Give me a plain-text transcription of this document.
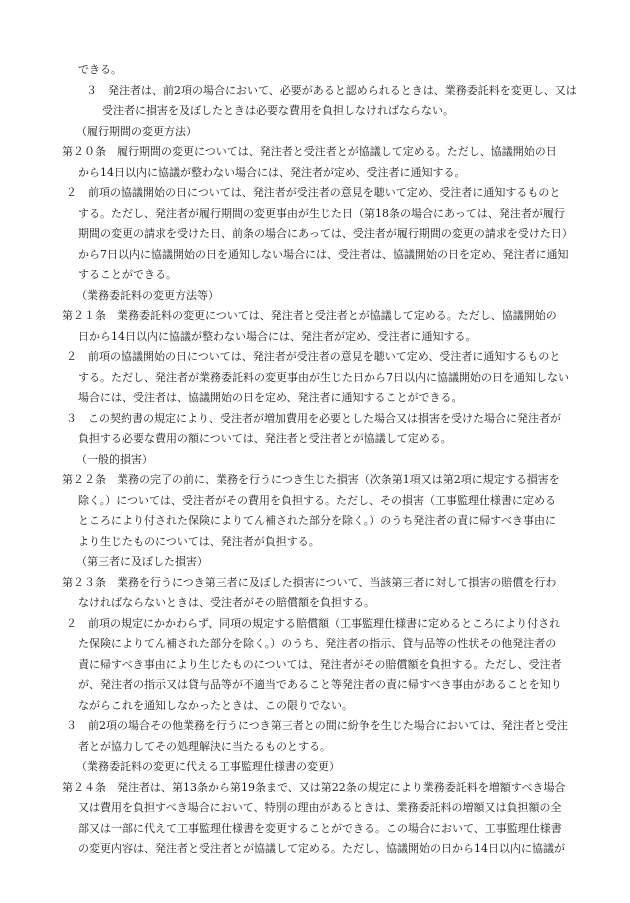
できる。
３　発注者は、前2項の場合において、必要があると認められるときは、業務委託料を変更し、又は
受注者に損害を及ぼしたときは必要な費用を負担しなければならない。
（履行期間の変更方法）
第２０条　履行期間の変更については、発注者と受注者とが協議して定める。ただし、協議開始の日
から14日以内に協議が整わない場合には、発注者が定め、受注者に通知する。
２　前項の協議開始の日については、発注者が受注者の意見を聴いて定め、受注者に通知するものと
する。ただし、発注者が履行期間の変更事由が生じた日（第18条の場合にあっては、発注者が履行
期間の変更の請求を受けた日、前条の場合にあっては、受注者が履行期間の変更の請求を受けた日）
から7日以内に協議開始の日を通知しない場合には、受注者は、協議開始の日を定め、発注者に通知
することができる。
（業務委託料の変更方法等）
第２１条　業務委託料の変更については、発注者と受注者とが協議して定める。ただし、協議開始の
日から14日以内に協議が整わない場合には、発注者が定め、受注者に通知する。
２　前項の協議開始の日については、発注者が受注者の意見を聴いて定め、受注者に通知するものと
する。ただし、発注者が業務委託料の変更事由が生じた日から7日以内に協議開始の日を通知しない
場合には、受注者は、協議開始の日を定め、発注者に通知することができる。
３　この契約書の規定により、受注者が増加費用を必要とした場合又は損害を受けた場合に発注者が
負担する必要な費用の額については、発注者と受注者とが協議して定める。
（一般的損害）
第２２条　業務の完了の前に、業務を行うにつき生じた損害（次条第1項又は第2項に規定する損害を
除く。）については、受注者がその費用を負担する。ただし、その損害（工事監理仕様書に定める
ところにより付された保険によりてん補された部分を除く。）のうち発注者の責に帰すべき事由に
より生じたものについては、発注者が負担する。
（第三者に及ぼした損害）
第２３条　業務を行うにつき第三者に及ぼした損害について、当該第三者に対して損害の賠償を行わ
なければならないときは、受注者がその賠償額を負担する。
２　前項の規定にかかわらず、同項の規定する賠償額（工事監理仕様書に定めるところにより付され
た保険によりてん補された部分を除く。）のうち、発注者の指示、貸与品等の性状その他発注者の
責に帰すべき事由により生じたものについては、発注者がその賠償額を負担する。ただし、受注者
が、発注者の指示又は貸与品等が不適当であること等発注者の責に帰すべき事由があることを知り
ながらこれを通知しなかったときは、この限りでない。
３　前2項の場合その他業務を行うにつき第三者との間に紛争を生じた場合においては、発注者と受注
者とが協力してその処理解決に当たるものとする。
（業務委託料の変更に代える工事監理仕様書の変更）
第２４条　発注者は、第13条から第19条まで、又は第22条の規定により業務委託料を増額すべき場合
又は費用を負担すべき場合において、特別の理由があるときは、業務委託料の増額又は負担額の全
部又は一部に代えて工事監理仕様書を変更することができる。この場合において、工事監理仕様書
の変更内容は、発注者と受注者とが協議して定める。ただし、協議開始の日から14日以内に協議が
